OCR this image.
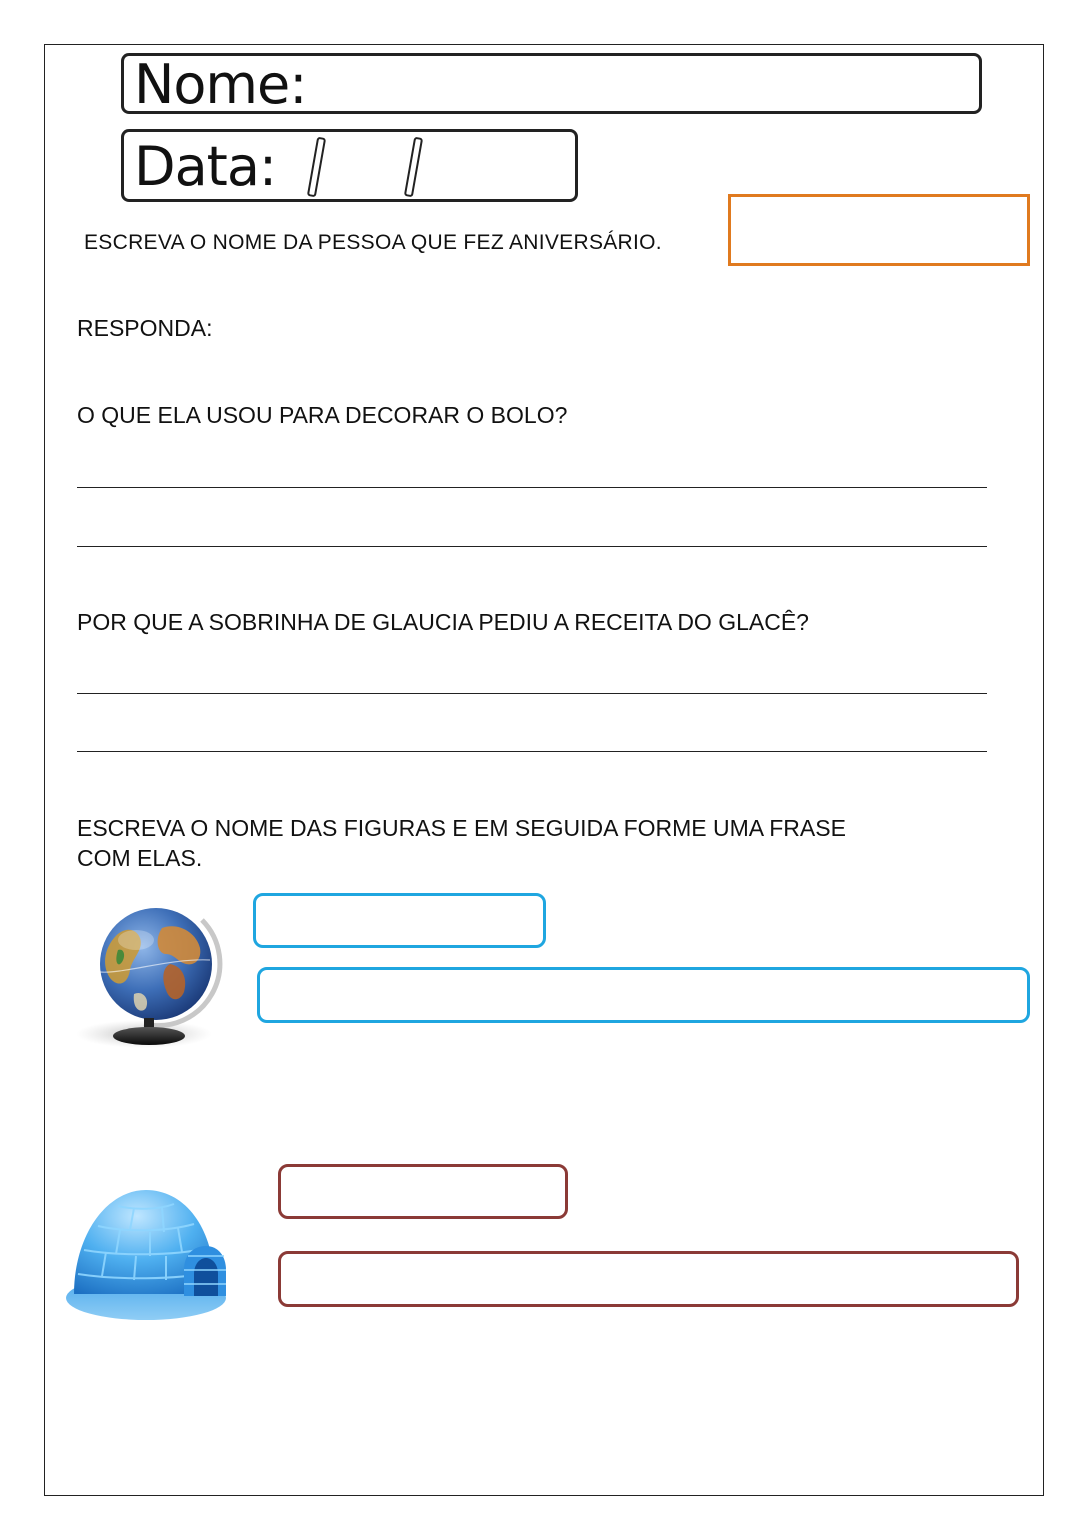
Nome:
Data:
ESCREVA O NOME DA PESSOA QUE FEZ ANIVERSÁRIO.
RESPONDA:
O QUE ELA USOU PARA DECORAR O BOLO?
POR QUE A SOBRINHA DE GLAUCIA PEDIU A RECEITA DO GLACÊ?
ESCREVA O NOME DAS FIGURAS E EM SEGUIDA FORME UMA FRASE
COM ELAS.
